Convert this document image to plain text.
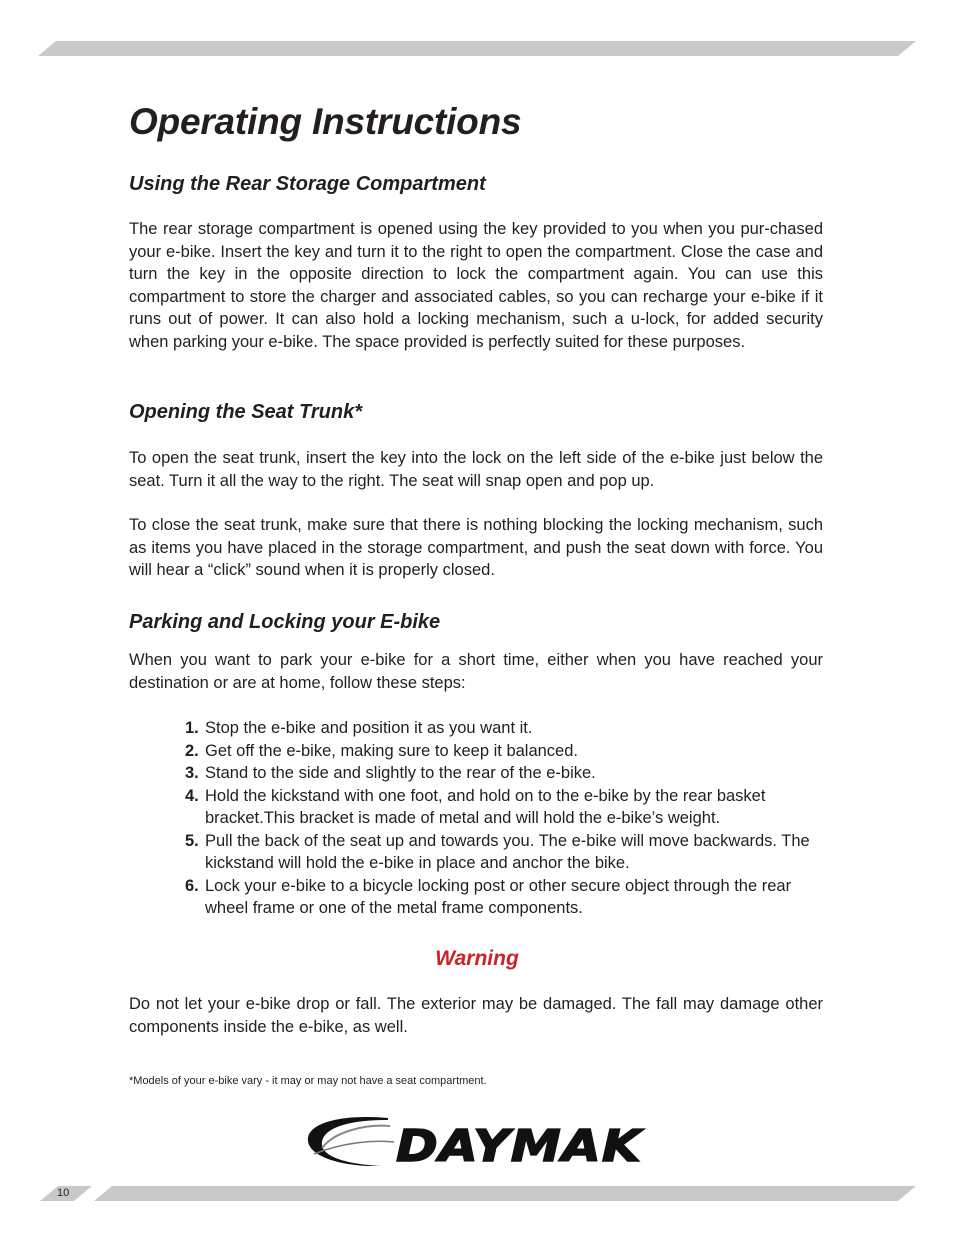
Operating Instructions
Using the Rear Storage Compartment

The rear storage compartment is opened using the key provided to you when you pur-chased your e-bike. Insert the key and turn it to the right to open the compartment. Close the case and turn the key in the opposite direction to lock the compartment again. You can use this compartment to store the charger and associated cables, so you can recharge your e-bike if it runs out of power. It can also hold a locking mechanism, such a u-lock, for added security when parking your e-bike. The space provided is perfectly suited for these purposes.

Opening the Seat Trunk*

To open the seat trunk, insert the key into the lock on the left side of the e-bike just below the seat. Turn it all the way to the right. The seat will snap open and pop up.

To close the seat trunk, make sure that there is nothing blocking the locking mechanism, such as items you have placed in the storage compartment, and push the seat down with force. You will hear a “click” sound when it is properly closed.

Parking and Locking your E-bike

When you want to park your e-bike for a short time, either when you have reached your destination or are at home, follow these steps:

1. Stop the e-bike and position it as you want it.
2. Get off the e-bike, making sure to keep it balanced.
3. Stand to the side and slightly to the rear of the e-bike.
4. Hold the kickstand with one foot, and hold on to the e-bike by the rear basket bracket.This bracket is made of metal and will hold the e-bike’s weight.
5. Pull the back of the seat up and towards you. The e-bike will move backwards. The kickstand will hold the e-bike in place and anchor the bike.
6. Lock your e-bike to a bicycle locking post or other secure object through the rear wheel frame or one of the metal frame components.

Warning

Do not let your e-bike drop or fall. The exterior may be damaged. The fall may damage other components inside the e-bike, as well.

*Models of your e-bike vary - it may or may not have a seat compartment.

DAYMAK
10
